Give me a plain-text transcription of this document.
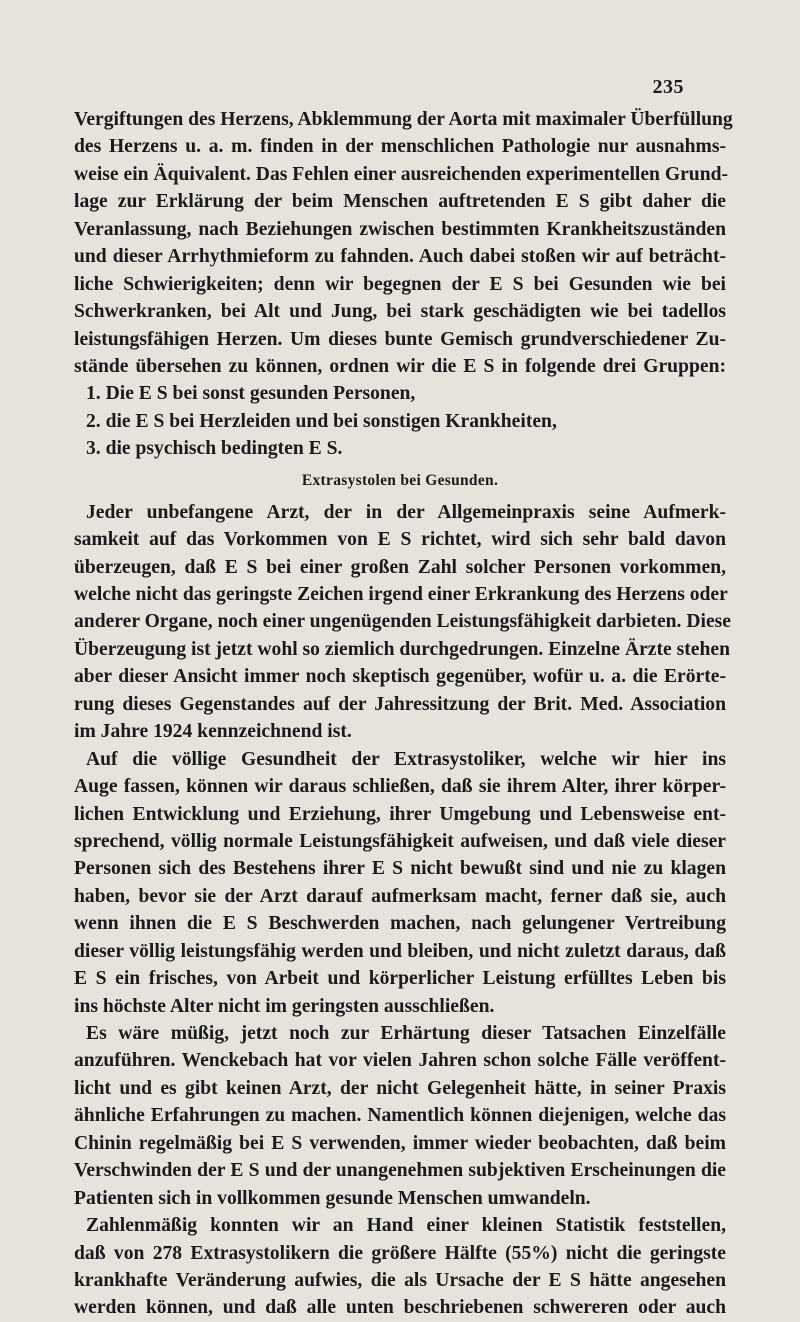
235
Vergiftungen des Herzens, Abklemmung der Aorta mit maximaler Überfüllung
des Herzens u. a. m. finden in der menschlichen Pathologie nur ausnahms-
weise ein Äquivalent. Das Fehlen einer ausreichenden experimentellen Grund-
lage zur Erklärung der beim Menschen auftretenden E S gibt daher die
Veranlassung, nach Beziehungen zwischen bestimmten Krankheitszuständen
und dieser Arrhythmieform zu fahnden. Auch dabei stoßen wir auf beträcht-
liche Schwierigkeiten; denn wir begegnen der E S bei Gesunden wie bei
Schwerkranken, bei Alt und Jung, bei stark geschädigten wie bei tadellos
leistungsfähigen Herzen. Um dieses bunte Gemisch grundverschiedener Zu-
stände übersehen zu können, ordnen wir die E S in folgende drei Gruppen:
1. Die E S bei sonst gesunden Personen,
2. die E S bei Herzleiden und bei sonstigen Krankheiten,
3. die psychisch bedingten E S.
Extrasystolen bei Gesunden.
Jeder unbefangene Arzt, der in der Allgemeinpraxis seine Aufmerk-
samkeit auf das Vorkommen von E S richtet, wird sich sehr bald davon
überzeugen, daß E S bei einer großen Zahl solcher Personen vorkommen,
welche nicht das geringste Zeichen irgend einer Erkrankung des Herzens oder
anderer Organe, noch einer ungenügenden Leistungsfähigkeit darbieten. Diese
Überzeugung ist jetzt wohl so ziemlich durchgedrungen. Einzelne Ärzte stehen
aber dieser Ansicht immer noch skeptisch gegenüber, wofür u. a. die Erörte-
rung dieses Gegenstandes auf der Jahressitzung der Brit. Med. Association
im Jahre 1924 kennzeichnend ist.
Auf die völlige Gesundheit der Extrasystoliker, welche wir hier ins
Auge fassen, können wir daraus schließen, daß sie ihrem Alter, ihrer körper-
lichen Entwicklung und Erziehung, ihrer Umgebung und Lebensweise ent-
sprechend, völlig normale Leistungsfähigkeit aufweisen, und daß viele dieser
Personen sich des Bestehens ihrer E S nicht bewußt sind und nie zu klagen
haben, bevor sie der Arzt darauf aufmerksam macht, ferner daß sie, auch
wenn ihnen die E S Beschwerden machen, nach gelungener Vertreibung
dieser völlig leistungsfähig werden und bleiben, und nicht zuletzt daraus, daß
E S ein frisches, von Arbeit und körperlicher Leistung erfülltes Leben bis
ins höchste Alter nicht im geringsten ausschließen.
Es wäre müßig, jetzt noch zur Erhärtung dieser Tatsachen Einzelfälle
anzuführen. Wenckebach hat vor vielen Jahren schon solche Fälle veröffent-
licht und es gibt keinen Arzt, der nicht Gelegenheit hätte, in seiner Praxis
ähnliche Erfahrungen zu machen. Namentlich können diejenigen, welche das
Chinin regelmäßig bei E S verwenden, immer wieder beobachten, daß beim
Verschwinden der E S und der unangenehmen subjektiven Erscheinungen die
Patienten sich in vollkommen gesunde Menschen umwandeln.
Zahlenmäßig konnten wir an Hand einer kleinen Statistik feststellen,
daß von 278 Extrasystolikern die größere Hälfte (55%) nicht die geringste
krankhafte Veränderung aufwies, die als Ursache der E S hätte angesehen
werden können, und daß alle unten beschriebenen schwereren oder auch
